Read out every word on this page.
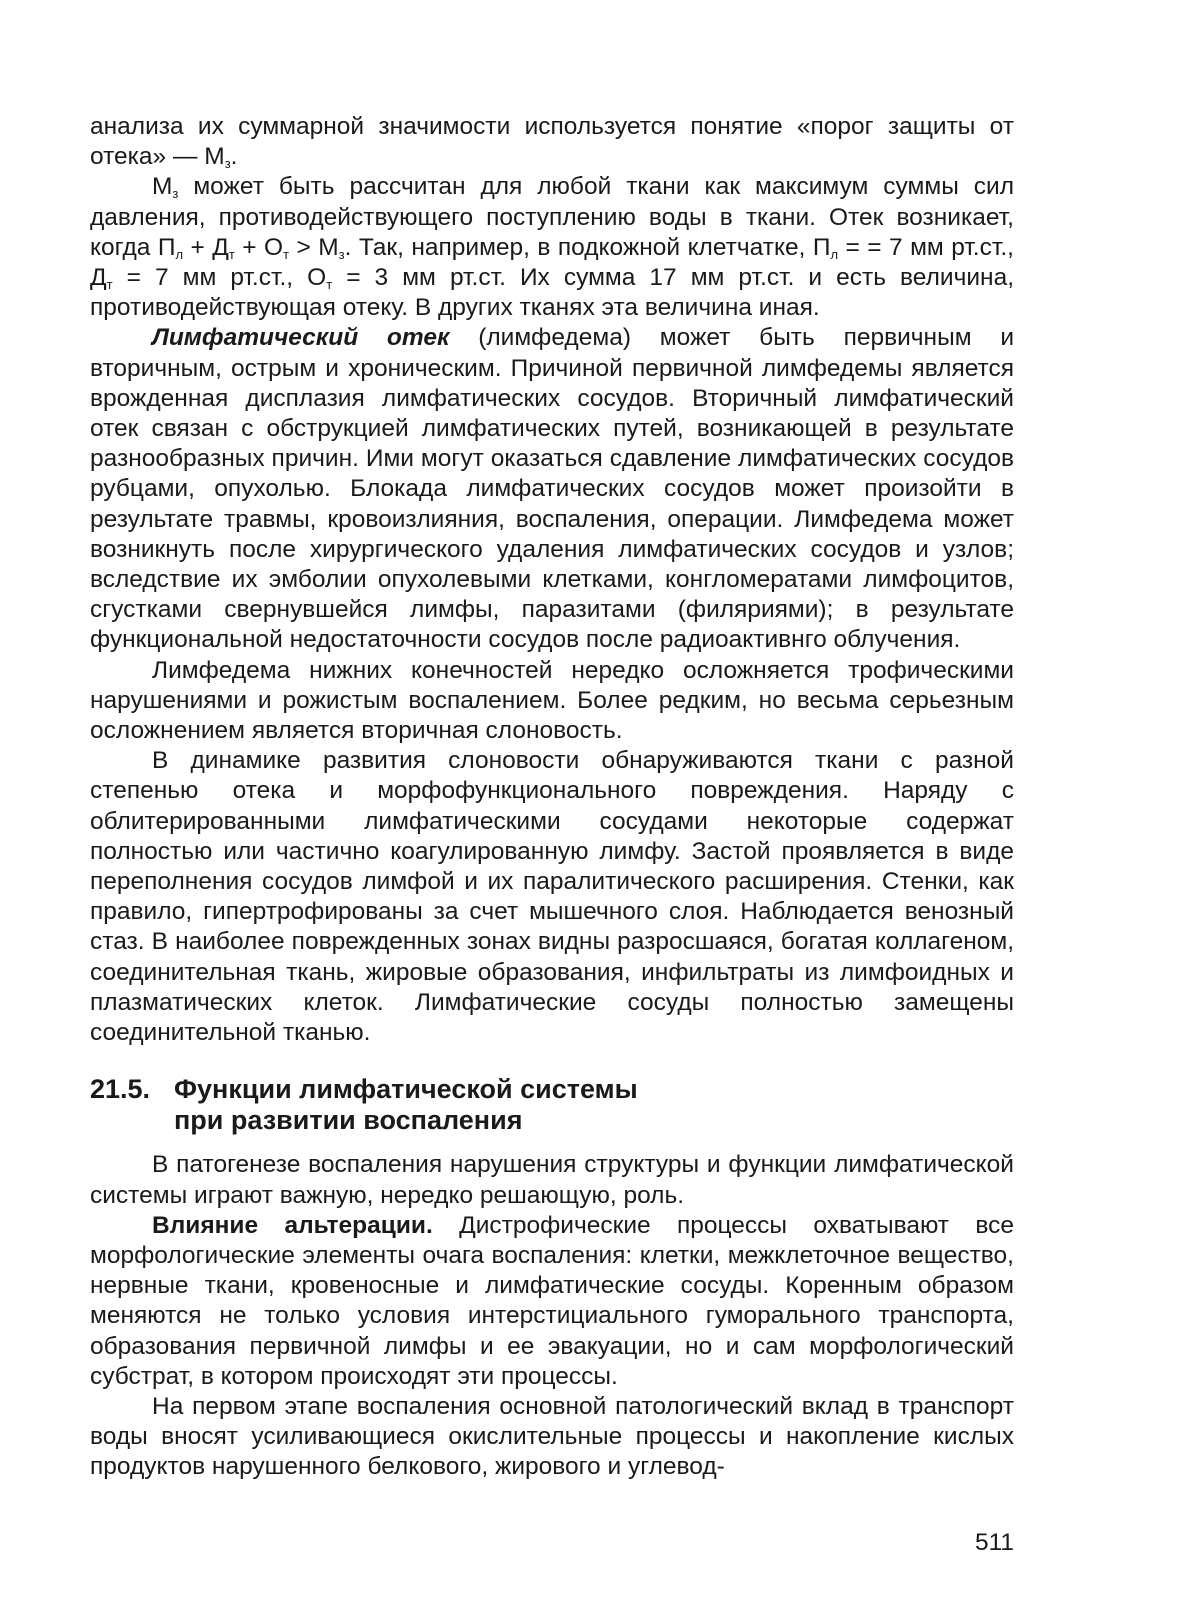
анализа их суммарной значимости используется понятие «порог защиты от отека» — $М_з$.

$М_з$ может быть рассчитан для любой ткани как максимум суммы сил давления, противодействующего поступлению воды в ткани. Отек возникает, когда $П_л + Д_т + О_т > М_з$. Так, например, в подкожной клетчатке, $П_л$ = = 7 мм рт.ст., $Д_т = 7$ мм рт.ст., $О_т = 3$ мм рт.ст. Их сумма 17 мм рт.ст. и есть величина, противодействующая отеку. В других тканях эта величина иная.

Лимфатический отек (лимфедема) может быть первичным и вторичным, острым и хроническим. Причиной первичной лимфедемы является врожденная дисплазия лимфатических сосудов. Вторичный лимфатический отек связан с обструкцией лимфатических путей, возникающей в результате разнообразных причин. Ими могут оказаться сдавление лимфатических сосудов рубцами, опухолью. Блокада лимфатических сосудов может произойти в результате травмы, кровоизлияния, воспаления, операции. Лимфедема может возникнуть после хирургического удаления лимфатических сосудов и узлов; вследствие их эмболии опухолевыми клетками, конгломератами лимфоцитов, сгустками свернувшейся лимфы, паразитами (филяриями); в результате функциональной недостаточности сосудов после радиоактивнго облучения.

Лимфедема нижних конечностей нередко осложняется трофическими нарушениями и рожистым воспалением. Более редким, но весьма серьезным осложнением является вторичная слоновость.

В динамике развития слоновости обнаруживаются ткани с разной степенью отека и морфофункционального повреждения. Наряду с облитерированными лимфатическими сосудами некоторые содержат полностью или частично коагулированную лимфу. Застой проявляется в виде переполнения сосудов лимфой и их паралитического расширения. Стенки, как правило, гипертрофированы за счет мышечного слоя. Наблюдается венозный стаз. В наиболее поврежденных зонах видны разросшаяся, богатая коллагеном, соединительная ткань, жировые образования, инфильтраты из лимфоидных и плазматических клеток. Лимфатические сосуды полностью замещены соединительной тканью.

21.5. Функции лимфатической системы
при развитии воспаления

В патогенезе воспаления нарушения структуры и функции лимфатической системы играют важную, нередко решающую, роль.

Влияние альтерации. Дистрофические процессы охватывают все морфологические элементы очага воспаления: клетки, межклеточное вещество, нервные ткани, кровеносные и лимфатические сосуды. Коренным образом меняются не только условия интерстициального гуморального транспорта, образования первичной лимфы и ее эвакуации, но и сам морфологический субстрат, в котором происходят эти процессы.

На первом этапе воспаления основной патологический вклад в транспорт воды вносят усиливающиеся окислительные процессы и накопление кислых продуктов нарушенного белкового, жирового и углевод-

511
